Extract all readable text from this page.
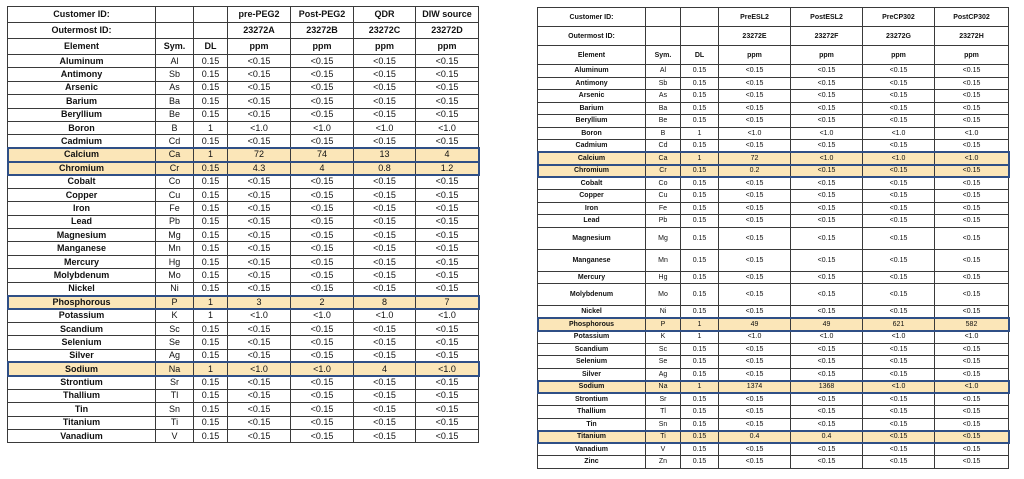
Customer ID:			pre-PEG2	Post-PEG2	QDR	DIW source
Outermost ID:			23272A	23272B	23272C	23272D
Element	Sym.	DL	ppm	ppm	ppm	ppm
Aluminum	Al	0.15	<0.15	<0.15	<0.15	<0.15
Antimony	Sb	0.15	<0.15	<0.15	<0.15	<0.15
Arsenic	As	0.15	<0.15	<0.15	<0.15	<0.15
Barium	Ba	0.15	<0.15	<0.15	<0.15	<0.15
Beryllium	Be	0.15	<0.15	<0.15	<0.15	<0.15
Boron	B	1	<1.0	<1.0	<1.0	<1.0
Cadmium	Cd	0.15	<0.15	<0.15	<0.15	<0.15
Calcium	Ca	1	72	74	13	4
Chromium	Cr	0.15	4.3	4	0.8	1.2
Cobalt	Co	0.15	<0.15	<0.15	<0.15	<0.15
Copper	Cu	0.15	<0.15	<0.15	<0.15	<0.15
Iron	Fe	0.15	<0.15	<0.15	<0.15	<0.15
Lead	Pb	0.15	<0.15	<0.15	<0.15	<0.15
Magnesium	Mg	0.15	<0.15	<0.15	<0.15	<0.15
Manganese	Mn	0.15	<0.15	<0.15	<0.15	<0.15
Mercury	Hg	0.15	<0.15	<0.15	<0.15	<0.15
Molybdenum	Mo	0.15	<0.15	<0.15	<0.15	<0.15
Nickel	Ni	0.15	<0.15	<0.15	<0.15	<0.15
Phosphorous	P	1	3	2	8	7
Potassium	K	1	<1.0	<1.0	<1.0	<1.0
Scandium	Sc	0.15	<0.15	<0.15	<0.15	<0.15
Selenium	Se	0.15	<0.15	<0.15	<0.15	<0.15
Silver	Ag	0.15	<0.15	<0.15	<0.15	<0.15
Sodium	Na	1	<1.0	<1.0	4	<1.0
Strontium	Sr	0.15	<0.15	<0.15	<0.15	<0.15
Thallium	Tl	0.15	<0.15	<0.15	<0.15	<0.15
Tin	Sn	0.15	<0.15	<0.15	<0.15	<0.15
Titanium	Ti	0.15	<0.15	<0.15	<0.15	<0.15
Vanadium	V	0.15	<0.15	<0.15	<0.15	<0.15
Customer ID:			PreESL2	PostESL2	PreCP302	PostCP302
Outermost ID:			23272E	23272F	23272G	23272H
Element	Sym.	DL	ppm	ppm	ppm	ppm
Aluminum	Al	0.15	<0.15	<0.15	<0.15	<0.15
Antimony	Sb	0.15	<0.15	<0.15	<0.15	<0.15
Arsenic	As	0.15	<0.15	<0.15	<0.15	<0.15
Barium	Ba	0.15	<0.15	<0.15	<0.15	<0.15
Beryllium	Be	0.15	<0.15	<0.15	<0.15	<0.15
Boron	B	1	<1.0	<1.0	<1.0	<1.0
Cadmium	Cd	0.15	<0.15	<0.15	<0.15	<0.15
Calcium	Ca	1	72	<1.0	<1.0	<1.0
Chromium	Cr	0.15	0.2	<0.15	<0.15	<0.15
Cobalt	Co	0.15	<0.15	<0.15	<0.15	<0.15
Copper	Cu	0.15	<0.15	<0.15	<0.15	<0.15
Iron	Fe	0.15	<0.15	<0.15	<0.15	<0.15
Lead	Pb	0.15	<0.15	<0.15	<0.15	<0.15
Magnesium	Mg	0.15	<0.15	<0.15	<0.15	<0.15
Manganese	Mn	0.15	<0.15	<0.15	<0.15	<0.15
Mercury	Hg	0.15	<0.15	<0.15	<0.15	<0.15
Molybdenum	Mo	0.15	<0.15	<0.15	<0.15	<0.15
Nickel	Ni	0.15	<0.15	<0.15	<0.15	<0.15
Phosphorous	P	1	49	49	621	582
Potassium	K	1	<1.0	<1.0	<1.0	<1.0
Scandium	Sc	0.15	<0.15	<0.15	<0.15	<0.15
Selenium	Se	0.15	<0.15	<0.15	<0.15	<0.15
Silver	Ag	0.15	<0.15	<0.15	<0.15	<0.15
Sodium	Na	1	1374	1368	<1.0	<1.0
Strontium	Sr	0.15	<0.15	<0.15	<0.15	<0.15
Thallium	Tl	0.15	<0.15	<0.15	<0.15	<0.15
Tin	Sn	0.15	<0.15	<0.15	<0.15	<0.15
Titanium	Ti	0.15	0.4	0.4	<0.15	<0.15
Vanadium	V	0.15	<0.15	<0.15	<0.15	<0.15
Zinc	Zn	0.15	<0.15	<0.15	<0.15	<0.15
